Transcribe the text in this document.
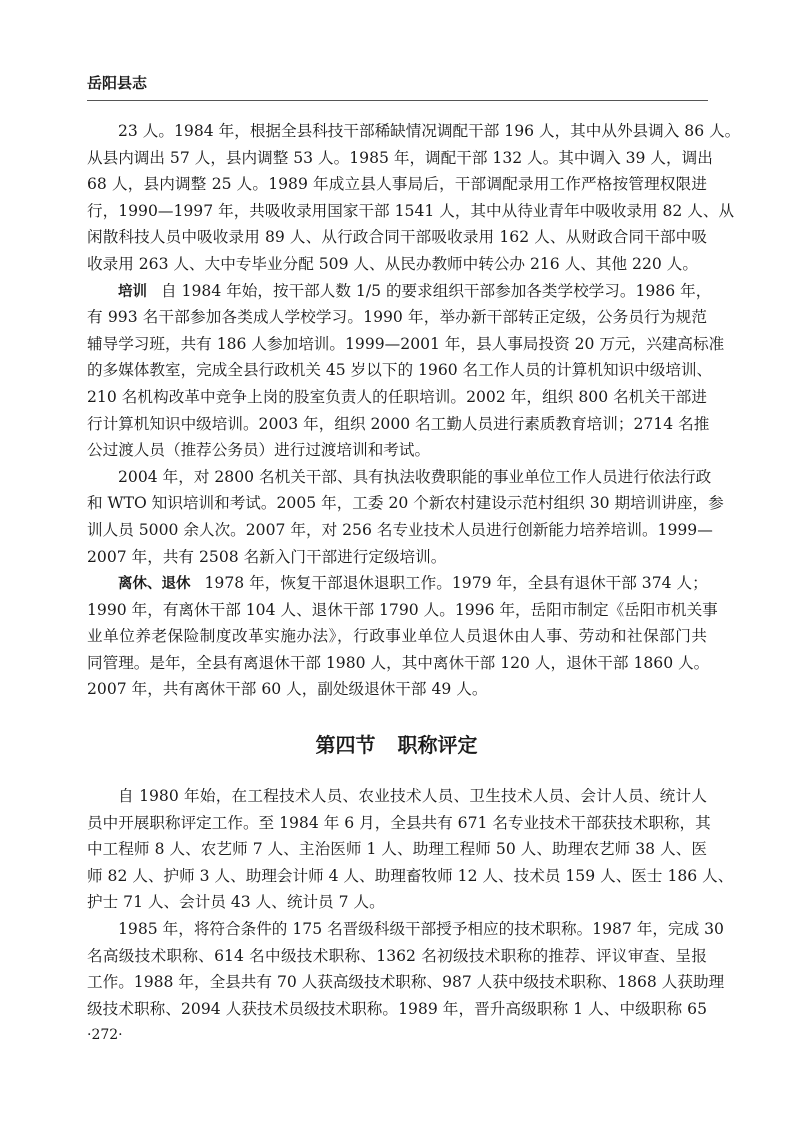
岳阳县志
23 人。1984 年，根据全县科技干部稀缺情况调配干部 196 人，其中从外县调入 86 人。
从县内调出 57 人，县内调整 53 人。1985 年，调配干部 132 人。其中调入 39 人，调出
68 人，县内调整 25 人。1989 年成立县人事局后，干部调配录用工作严格按管理权限进
行，1990—1997 年，共吸收录用国家干部 1541 人，其中从待业青年中吸收录用 82 人、从
闲散科技人员中吸收录用 89 人、从行政合同干部吸收录用 162 人、从财政合同干部中吸
收录用 263 人、大中专毕业分配 509 人、从民办教师中转公办 216 人、其他 220 人。
培训 自 1984 年始，按干部人数 1/5 的要求组织干部参加各类学校学习。1986 年，
有 993 名干部参加各类成人学校学习。1990 年，举办新干部转正定级，公务员行为规范
辅导学习班，共有 186 人参加培训。1999—2001 年，县人事局投资 20 万元，兴建高标准
的多媒体教室，完成全县行政机关 45 岁以下的 1960 名工作人员的计算机知识中级培训、
210 名机构改革中竞争上岗的股室负责人的任职培训。2002 年，组织 800 名机关干部进
行计算机知识中级培训。2003 年，组织 2000 名工勤人员进行素质教育培训；2714 名推
公过渡人员（推荐公务员）进行过渡培训和考试。
2004 年，对 2800 名机关干部、具有执法收费职能的事业单位工作人员进行依法行政
和 WTO 知识培训和考试。2005 年，工委 20 个新农村建设示范村组织 30 期培训讲座，参
训人员 5000 余人次。2007 年，对 256 名专业技术人员进行创新能力培养培训。1999—
2007 年，共有 2508 名新入门干部进行定级培训。
离休、退休 1978 年，恢复干部退休退职工作。1979 年，全县有退休干部 374 人；
1990 年，有离休干部 104 人、退休干部 1790 人。1996 年，岳阳市制定《岳阳市机关事
业单位养老保险制度改革实施办法》，行政事业单位人员退休由人事、劳动和社保部门共
同管理。是年，全县有离退休干部 1980 人，其中离休干部 120 人，退休干部 1860 人。
2007 年，共有离休干部 60 人，副处级退休干部 49 人。
第四节 职称评定
自 1980 年始，在工程技术人员、农业技术人员、卫生技术人员、会计人员、统计人
员中开展职称评定工作。至 1984 年 6 月，全县共有 671 名专业技术干部获技术职称，其
中工程师 8 人、农艺师 7 人、主治医师 1 人、助理工程师 50 人、助理农艺师 38 人、医
师 82 人、护师 3 人、助理会计师 4 人、助理畜牧师 12 人、技术员 159 人、医士 186 人、
护士 71 人、会计员 43 人、统计员 7 人。
1985 年，将符合条件的 175 名晋级科级干部授予相应的技术职称。1987 年，完成 30
名高级技术职称、614 名中级技术职称、1362 名初级技术职称的推荐、评议审查、呈报
工作。1988 年，全县共有 70 人获高级技术职称、987 人获中级技术职称、1868 人获助理
级技术职称、2094 人获技术员级技术职称。1989 年，晋升高级职称 1 人、中级职称 65
·272·
